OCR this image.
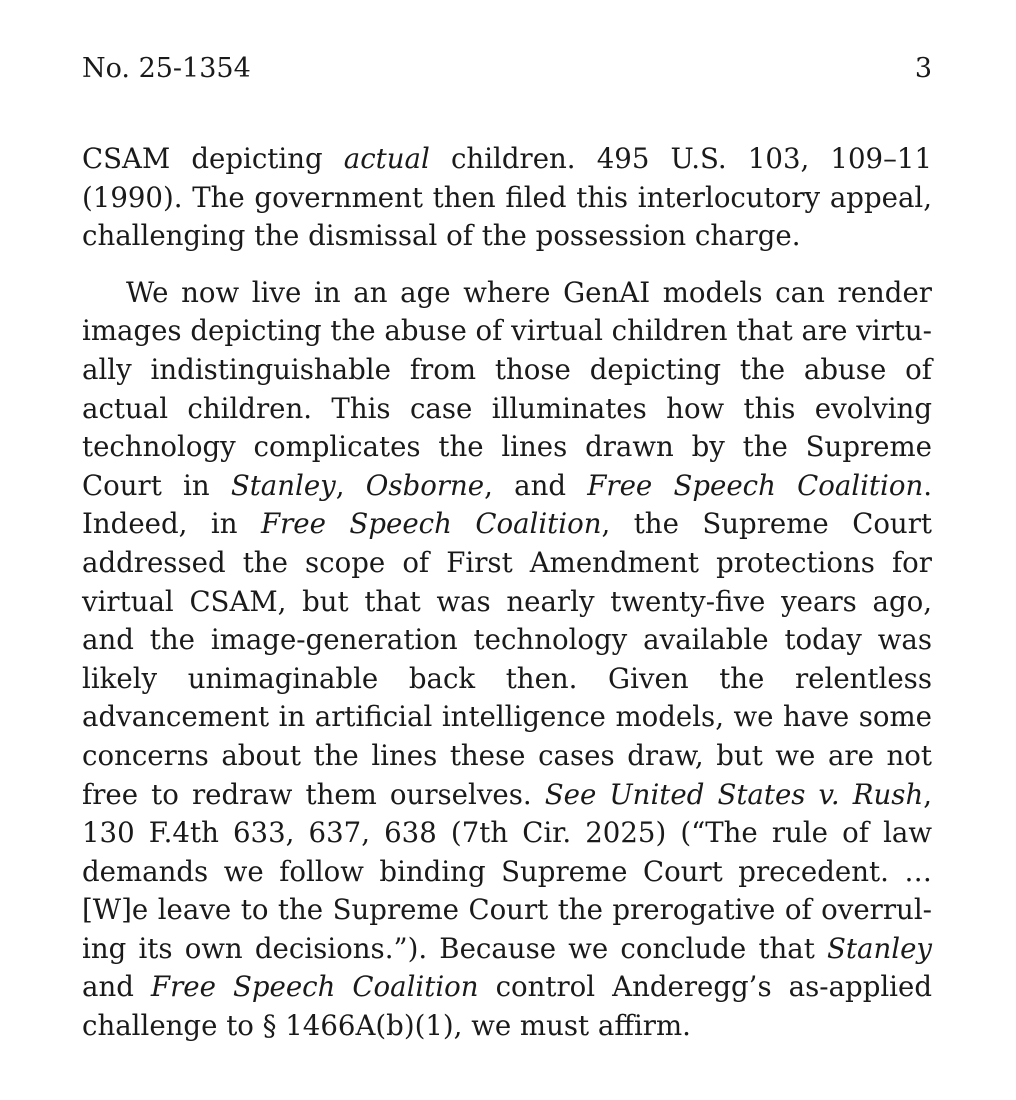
No. 25-1354	3

CSAM depicting actual children. 495 U.S. 103, 109–11 (1990). The government then filed this interlocutory appeal, challenging the dismissal of the possession charge.

We now live in an age where GenAI models can render images depicting the abuse of virtual children that are virtually indistinguishable from those depicting the abuse of actual children. This case illuminates how this evolving technology complicates the lines drawn by the Supreme Court in Stanley, Osborne, and Free Speech Coalition. Indeed, in Free Speech Coalition, the Supreme Court addressed the scope of First Amendment protections for virtual CSAM, but that was nearly twenty-five years ago, and the image-generation technology available today was likely unimaginable back then. Given the relentless advancement in artificial intelligence models, we have some concerns about the lines these cases draw, but we are not free to redraw them ourselves. See United States v. Rush, 130 F.4th 633, 637, 638 (7th Cir. 2025) (“The rule of law demands we follow binding Supreme Court precedent. … [W]e leave to the Supreme Court the prerogative of overruling its own decisions.”). Because we conclude that Stanley and Free Speech Coalition control Anderegg’s as-applied challenge to § 1466A(b)(1), we must affirm.
